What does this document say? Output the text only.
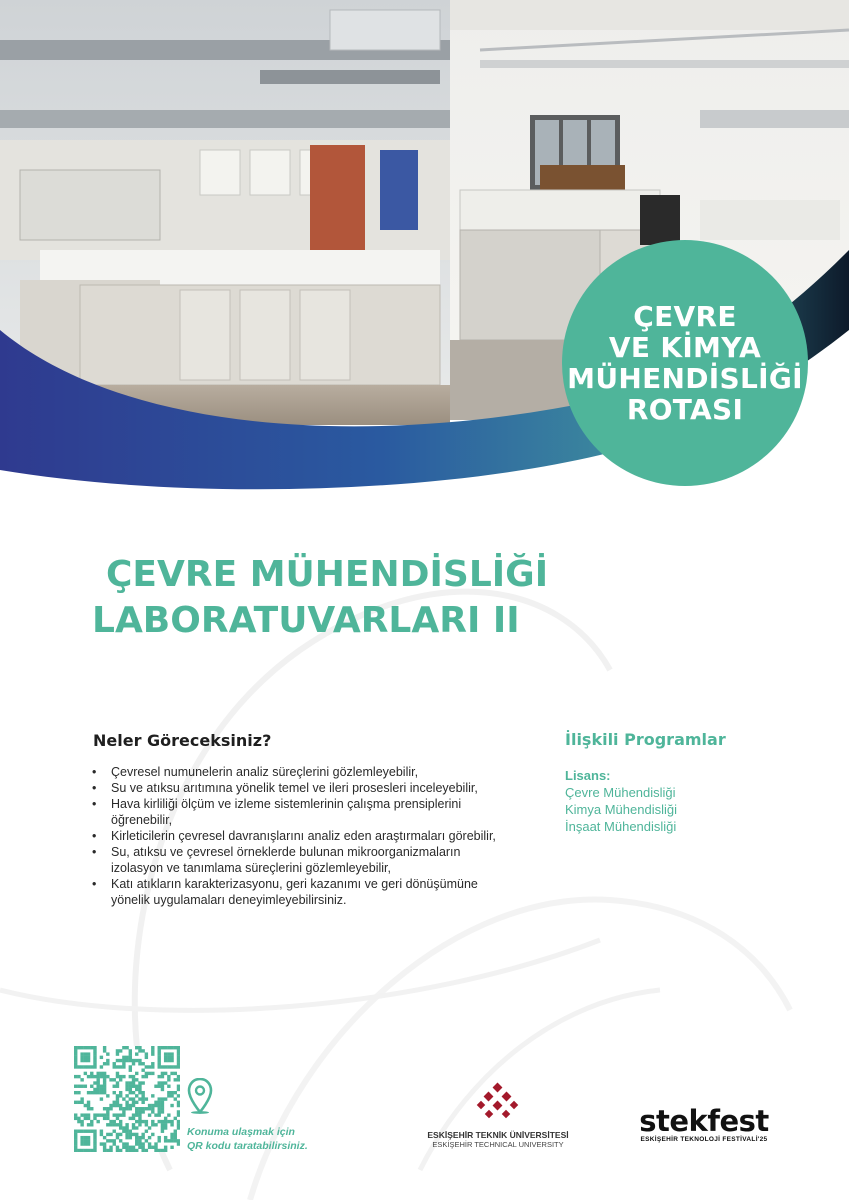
ÇEVRE
VE KİMYA
MÜHENDİSLİĞİ
ROTASI
ÇEVRE MÜHENDİSLİĞİ
LABORATUVARLARI II
Neler Göreceksiniz?
• Çevresel numunelerin analiz süreçlerini gözlemleyebilir,
• Su ve atıksu arıtımına yönelik temel ve ileri prosesleri inceleyebilir,
• Hava kirliliği ölçüm ve izleme sistemlerinin çalışma prensiplerini öğrenebilir,
• Kirleticilerin çevresel davranışlarını analiz eden araştırmaları görebilir,
• Su, atıksu ve çevresel örneklerde bulunan mikroorganizmaların izolasyon ve tanımlama süreçlerini gözlemleyebilir,
• Katı atıkların karakterizasyonu, geri kazanımı ve geri dönüşümüne yönelik uygulamaları deneyimleyebilirsiniz.
İlişkili Programlar
Lisans:
Çevre Mühendisliği
Kimya Mühendisliği
İnşaat Mühendisliği
Konuma ulaşmak için
QR kodu taratabilirsiniz.
ESKİŞEHİR TEKNİK ÜNİVERSİTESİ
ESKİŞEHİR TECHNICAL UNIVERSITY
stekfest
ESKİŞEHİR TEKNOLOJİ FESTİVALİ'25
